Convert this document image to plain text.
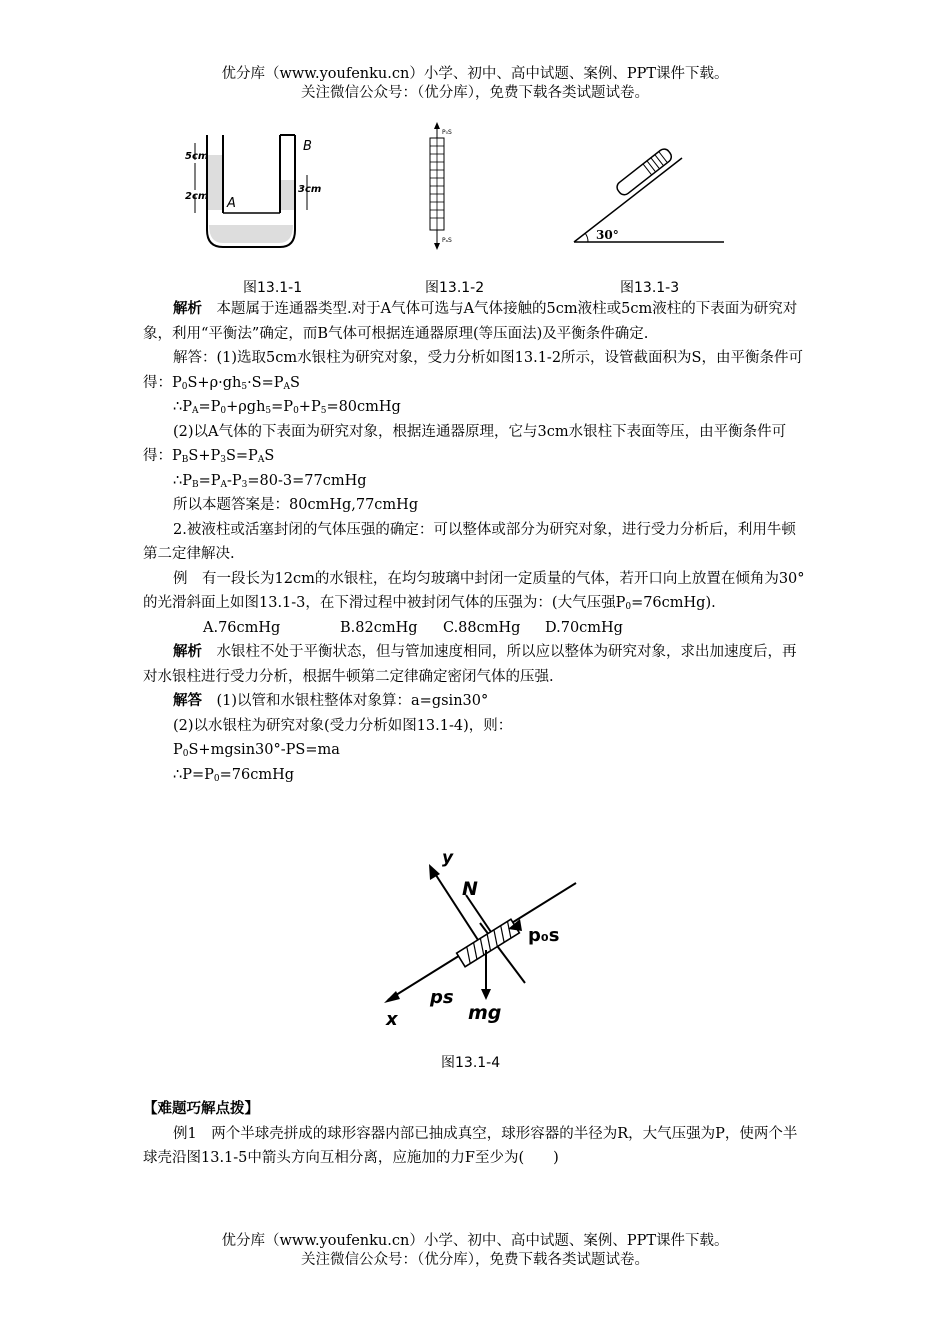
优分库（www.youfenku.cn）小学、初中、高中试题、案例、PPT课件下载。
关注微信公众号：（优分库），免费下载各类试题试卷。
5cm
2cm
3cm
A
B
图13.1-1
P₀S
PₐS
图13.1-2
30°
图13.1-3

解析　 本题属于连通器类型.对于A气体可选与A气体接触的5cm液柱或5cm液柱的下表面为研究对象，利用“平衡法”确定，而B气体可根据连通器原理(等压面法)及平衡条件确定.

解答：(1)选取5cm水银柱为研究对象，受力分析如图13.1-2所示，设管截面积为S，由平衡条件可得：$P_0S+\rho\cdot gh_5\cdot S=P_AS$

$\therefore P_A=P_0+\rho gh_5=P_0+P_5=80cmHg$

(2)以A气体的下表面为研究对象，根据连通器原理，它与3cm水银柱下表面等压，由平衡条件可得：$P_BS+P_3S=P_AS$

$\therefore P_B=P_A-P_3=80-3=77cmHg$

所以本题答案是：80cmHg,77cmHg

2.被液柱或活塞封闭的气体压强的确定：可以整体或部分为研究对象，进行受力分析后，利用牛顿第二定律解决.

例　有一段长为12cm的水银柱，在均匀玻璃中封闭一定质量的气体，若开口向上放置在倾角为30°的光滑斜面上如图13.1-3，在下滑过程中被封闭气体的压强为：(大气压强$P_0=76cmHg$).

A.76cmHg	B.82cmHg C.88cmHg D.70cmHg

解析　 水银柱不处于平衡状态，但与管加速度相同，所以应以整体为研究对象，求出加速度后，再对水银柱进行受力分析，根据牛顿第二定律确定密闭气体的压强.

解答　 (1)以管和水银柱整体对象算：a=gsin30°

(2)以水银柱为研究对象(受力分析如图13.1-4)，则：

$P_0S+mgsin30^\circ-PS=ma$

$\therefore P=P_0=76cmHg$

y
N
p₀s
ps
x	mg
图13.1-4

【难题巧解点拨】

例1　两个半球壳拼成的球形容器内部已抽成真空，球形容器的半径为R，大气压强为P，使两个半球壳沿图13.1-5中箭头方向互相分离，应施加的力F至少为(　　)

优分库（www.youfenku.cn）小学、初中、高中试题、案例、PPT课件下载。
关注微信公众号：（优分库），免费下载各类试题试卷。
